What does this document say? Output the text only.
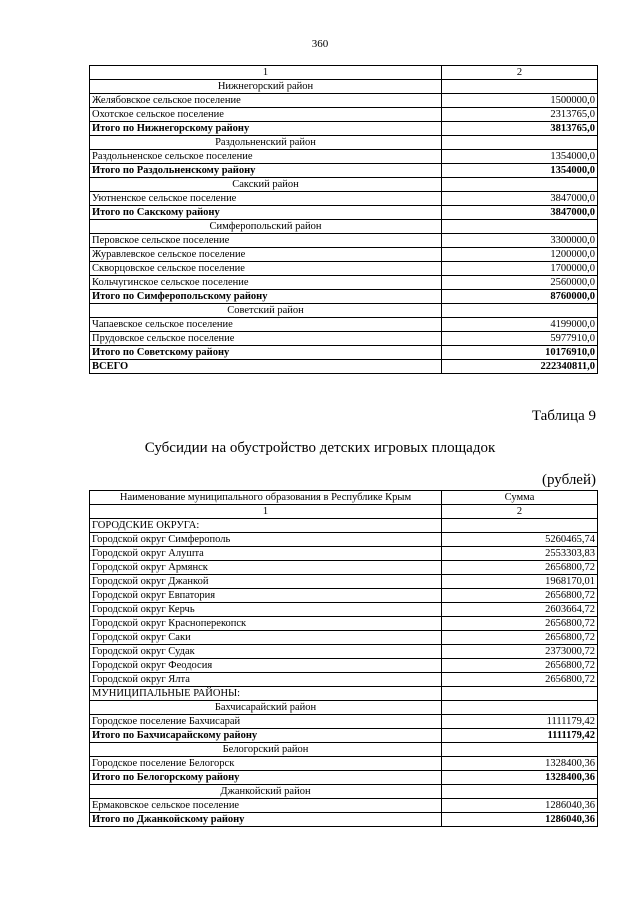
360
1	2
Нижнегорский район	
Желябовское сельское поселение	1500000,0
Охотское сельское поселение	2313765,0
Итого по Нижнегорскому району	3813765,0
Раздольненский район	
Раздольненское сельское поселение	1354000,0
Итого по Раздольненскому району	1354000,0
Сакский район	
Уютненское сельское поселение	3847000,0
Итого по Сакскому району	3847000,0
Симферопольский район	
Перовское сельское поселение	3300000,0
Журавлевское сельское поселение	1200000,0
Скворцовское сельское поселение	1700000,0
Кольчугинское сельское поселение	2560000,0
Итого по Симферопольскому району	8760000,0
Советский район	
Чапаевское сельское поселение	4199000,0
Прудовское сельское поселение	5977910,0
Итого по Советскому району	10176910,0
ВСЕГО	222340811,0
Таблица 9
Субсидии на обустройство детских игровых площадок
(рублей)
Наименование муниципального образования в Республике Крым	Сумма
1	2
ГОРОДСКИЕ ОКРУГА:	
Городской округ Симферополь	5260465,74
Городской округ Алушта	2553303,83
Городской округ Армянск	2656800,72
Городской округ Джанкой	1968170,01
Городской округ Евпатория	2656800,72
Городской округ Керчь	2603664,72
Городской округ Красноперекопск	2656800,72
Городской округ Саки	2656800,72
Городской округ Судак	2373000,72
Городской округ Феодосия	2656800,72
Городской округ Ялта	2656800,72
МУНИЦИПАЛЬНЫЕ РАЙОНЫ:	
Бахчисарайский район	
Городское поселение Бахчисарай	1111179,42
Итого по Бахчисарайскому району	1111179,42
Белогорский район	
Городское поселение Белогорск	1328400,36
Итого по Белогорскому району	1328400,36
Джанкойский район	
Ермаковское сельское поселение	1286040,36
Итого по Джанкойскому району	1286040,36
